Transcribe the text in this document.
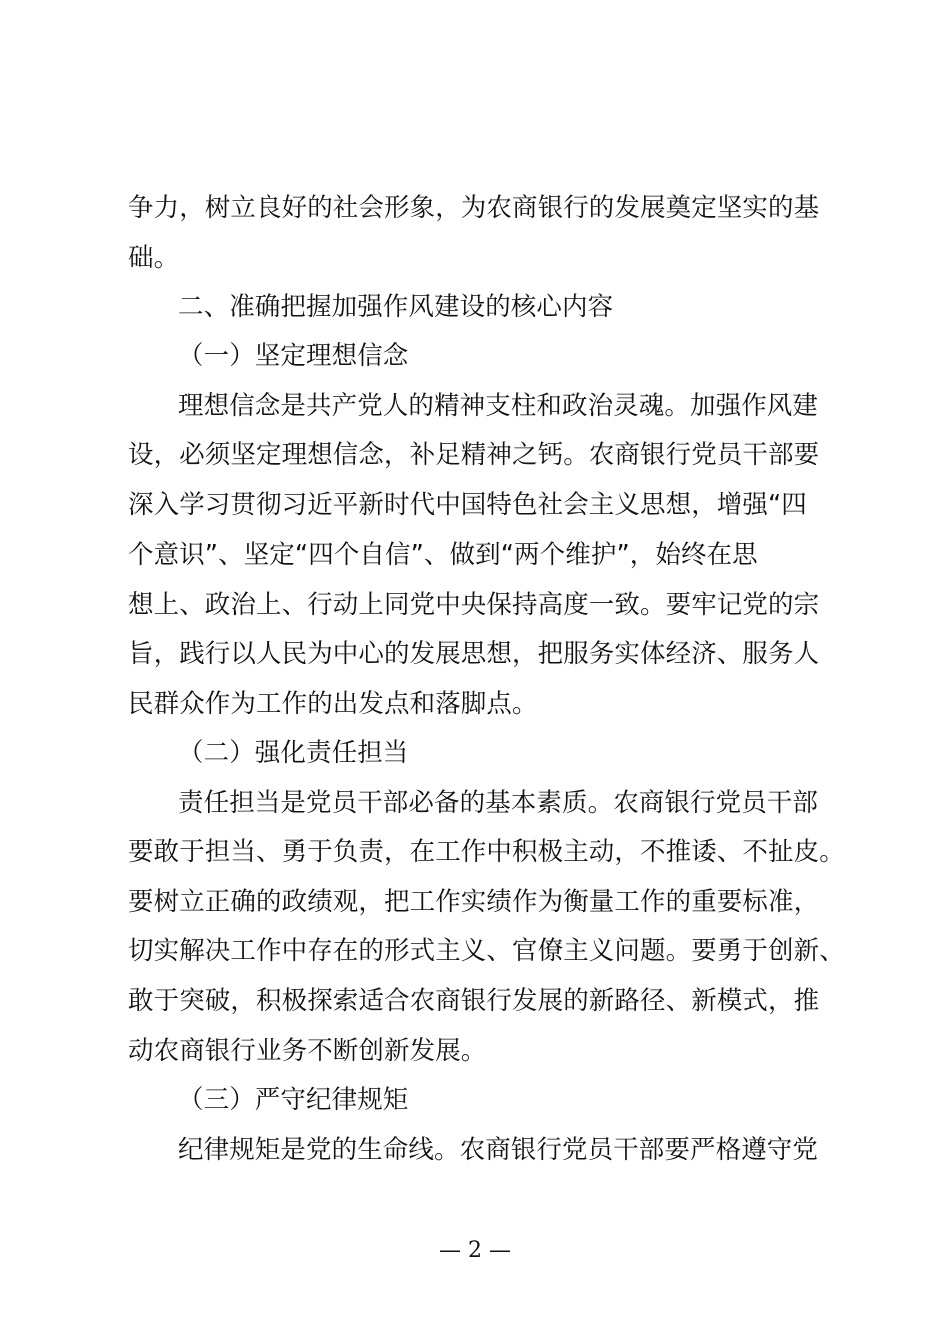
争力，树立良好的社会形象，为农商银行的发展奠定坚实的基
础。
二、准确把握加强作风建设的核心内容
（一）坚定理想信念
理想信念是共产党人的精神支柱和政治灵魂。加强作风建
设，必须坚定理想信念，补足精神之钙。农商银行党员干部要
深入学习贯彻习近平新时代中国特色社会主义思想，增强“四
个意识”、坚定“四个自信”、做到“两个维护”，始终在思
想上、政治上、行动上同党中央保持高度一致。要牢记党的宗
旨，践行以人民为中心的发展思想，把服务实体经济、服务人
民群众作为工作的出发点和落脚点。
（二）强化责任担当
责任担当是党员干部必备的基本素质。农商银行党员干部
要敢于担当、勇于负责，在工作中积极主动，不推诿、不扯皮。
要树立正确的政绩观，把工作实绩作为衡量工作的重要标准，
切实解决工作中存在的形式主义、官僚主义问题。要勇于创新、
敢于突破，积极探索适合农商银行发展的新路径、新模式，推
动农商银行业务不断创新发展。
（三）严守纪律规矩
纪律规矩是党的生命线。农商银行党员干部要严格遵守党
— 2 —
